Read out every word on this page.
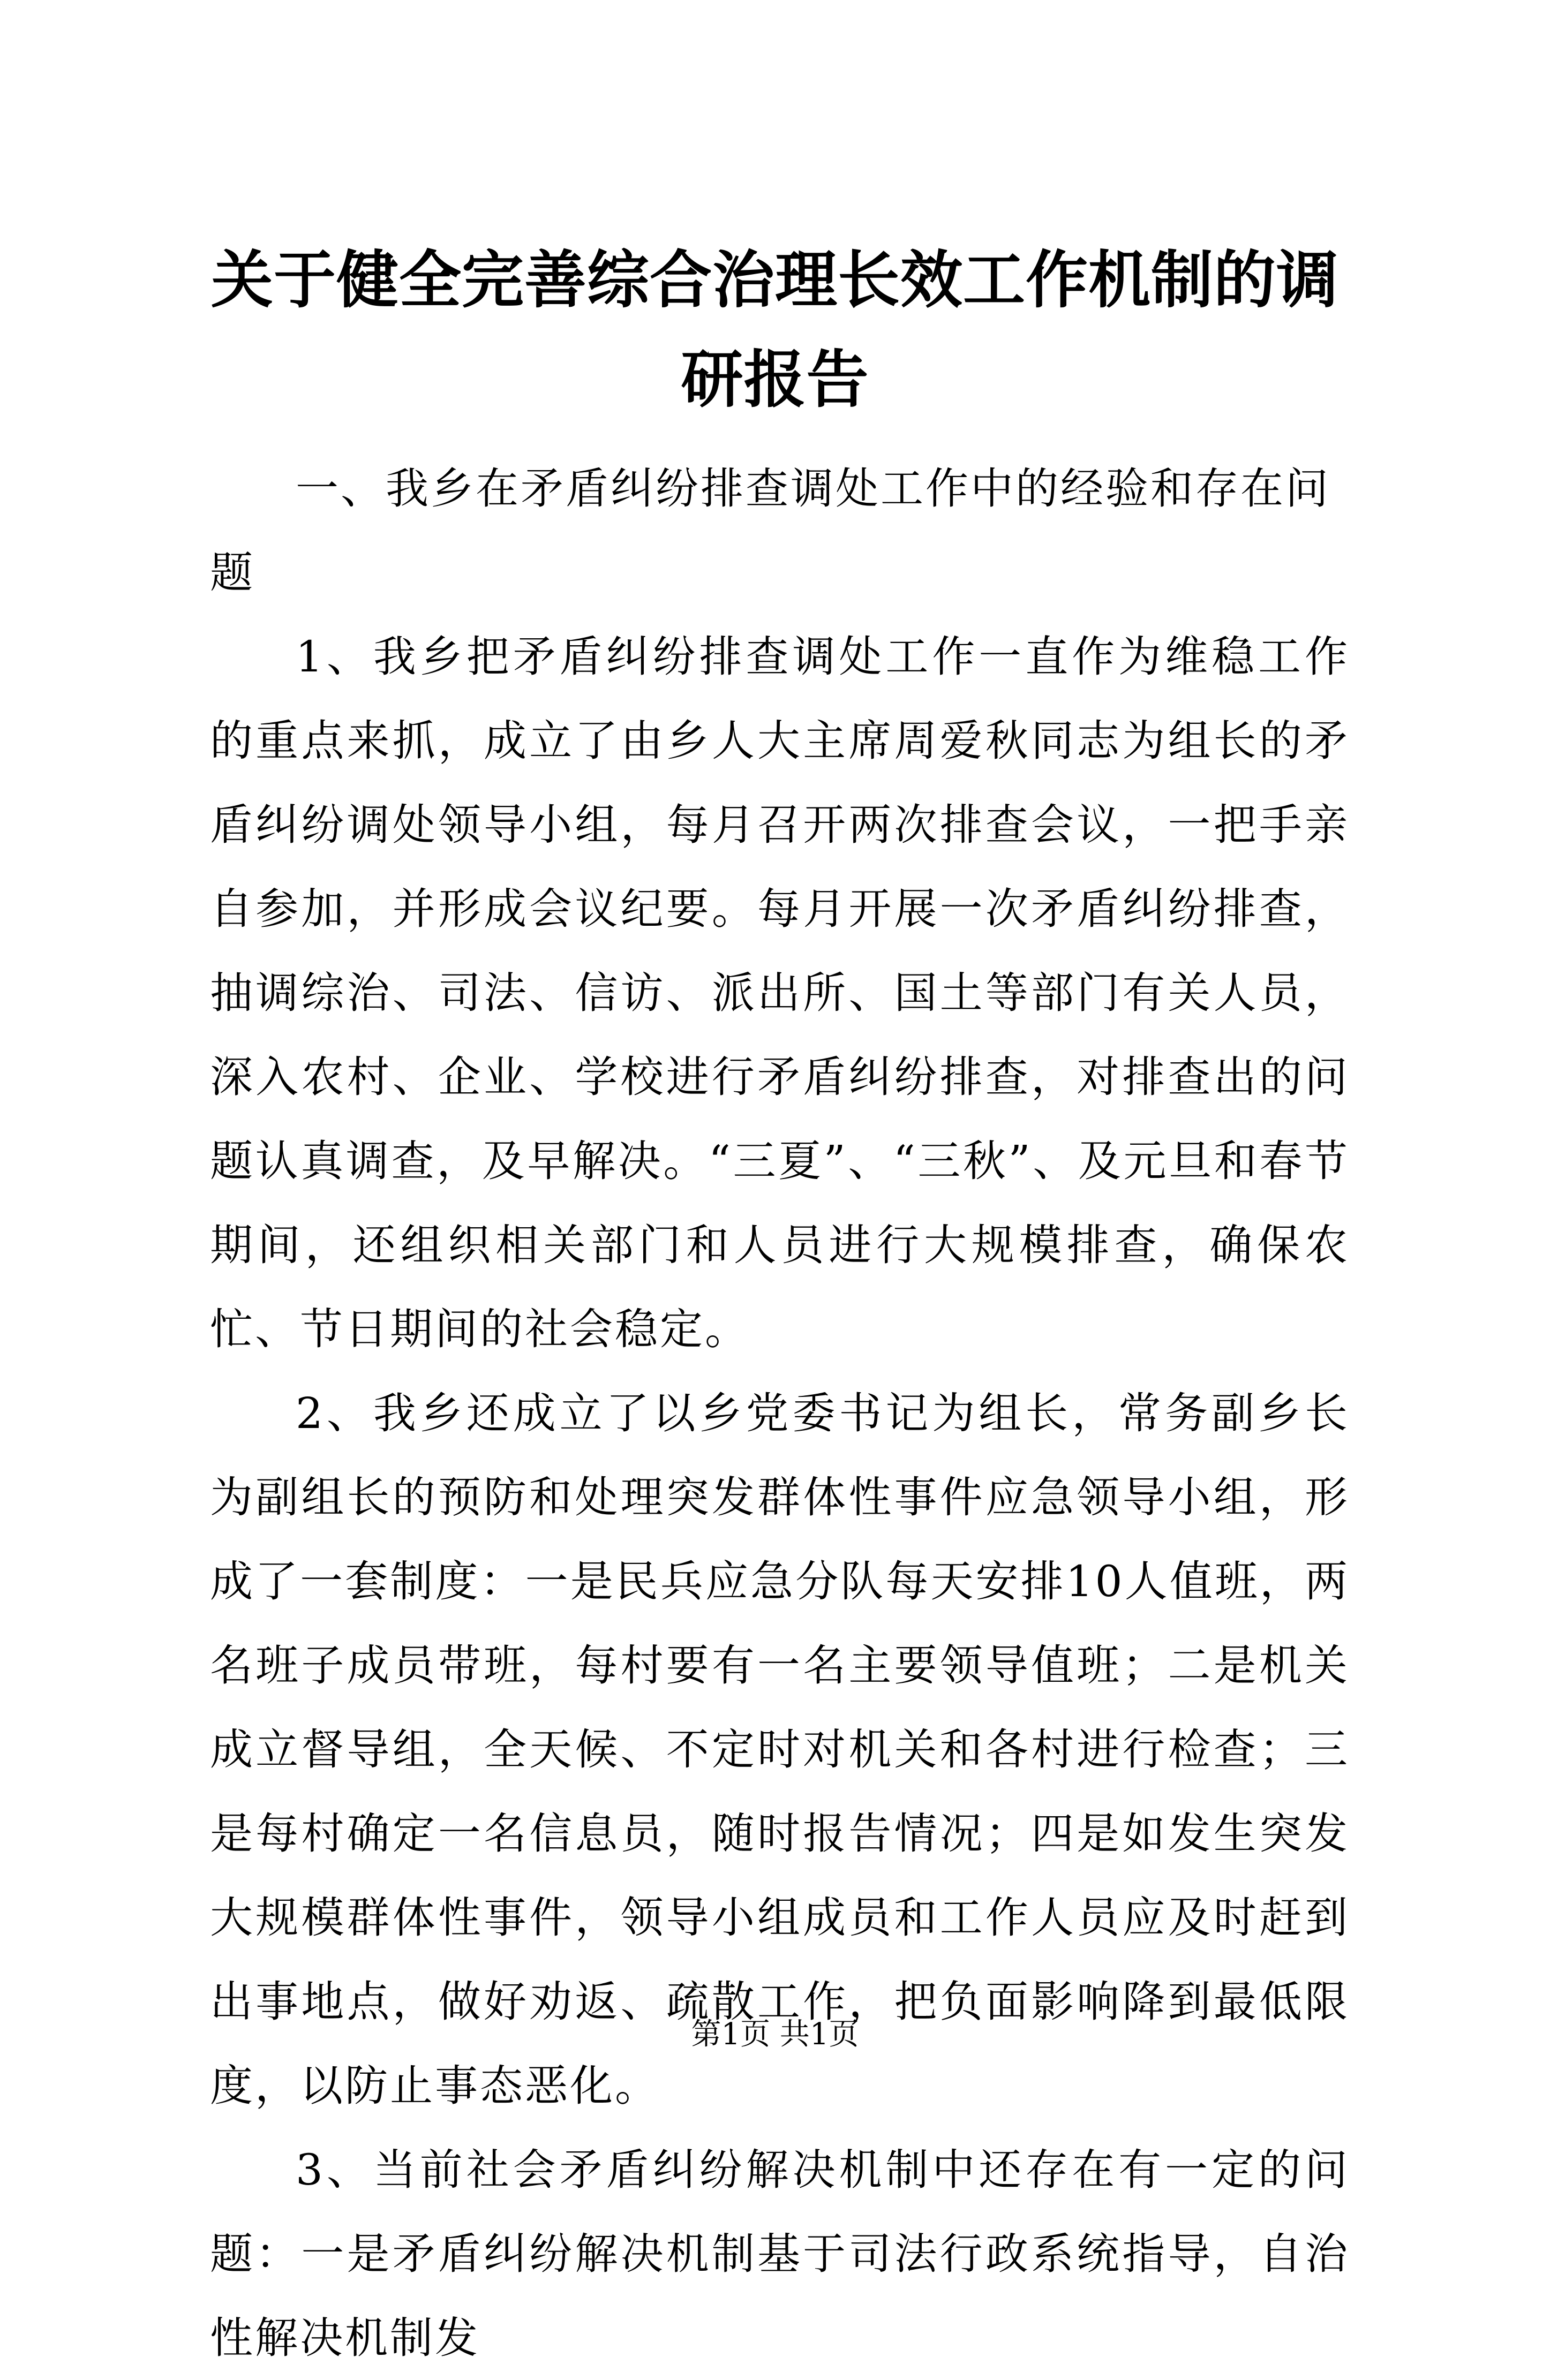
关于健全完善综合治理长效工作机制的调研报告

一、我乡在矛盾纠纷排查调处工作中的经验和存在问题

1、我乡把矛盾纠纷排查调处工作一直作为维稳工作的重点来抓，成立了由乡人大主席周爱秋同志为组长的矛盾纠纷调处领导小组，每月召开两次排查会议，一把手亲自参加，并形成会议纪要。每月开展一次矛盾纠纷排查，抽调综治、司法、信访、派出所、国土等部门有关人员，深入农村、企业、学校进行矛盾纠纷排查，对排查出的问题认真调查，及早解决。“三夏”、“三秋”、及元旦和春节期间，还组织相关部门和人员进行大规模排查，确保农忙、节日期间的社会稳定。

2、我乡还成立了以乡党委书记为组长，常务副乡长为副组长的预防和处理突发群体性事件应急领导小组，形成了一套制度：一是民兵应急分队每天安排10人值班，两名班子成员带班，每村要有一名主要领导值班；二是机关成立督导组，全天候、不定时对机关和各村进行检查；三是每村确定一名信息员，随时报告情况；四是如发生突发大规模群体性事件，领导小组成员和工作人员应及时赶到出事地点，做好劝返、疏散工作，把负面影响降到最低限度，以防止事态恶化。

3、当前社会矛盾纠纷解决机制中还存在有一定的问题：一是矛盾纠纷解决机制基于司法行政系统指导，自治性解决机制发

第1页 共1页
